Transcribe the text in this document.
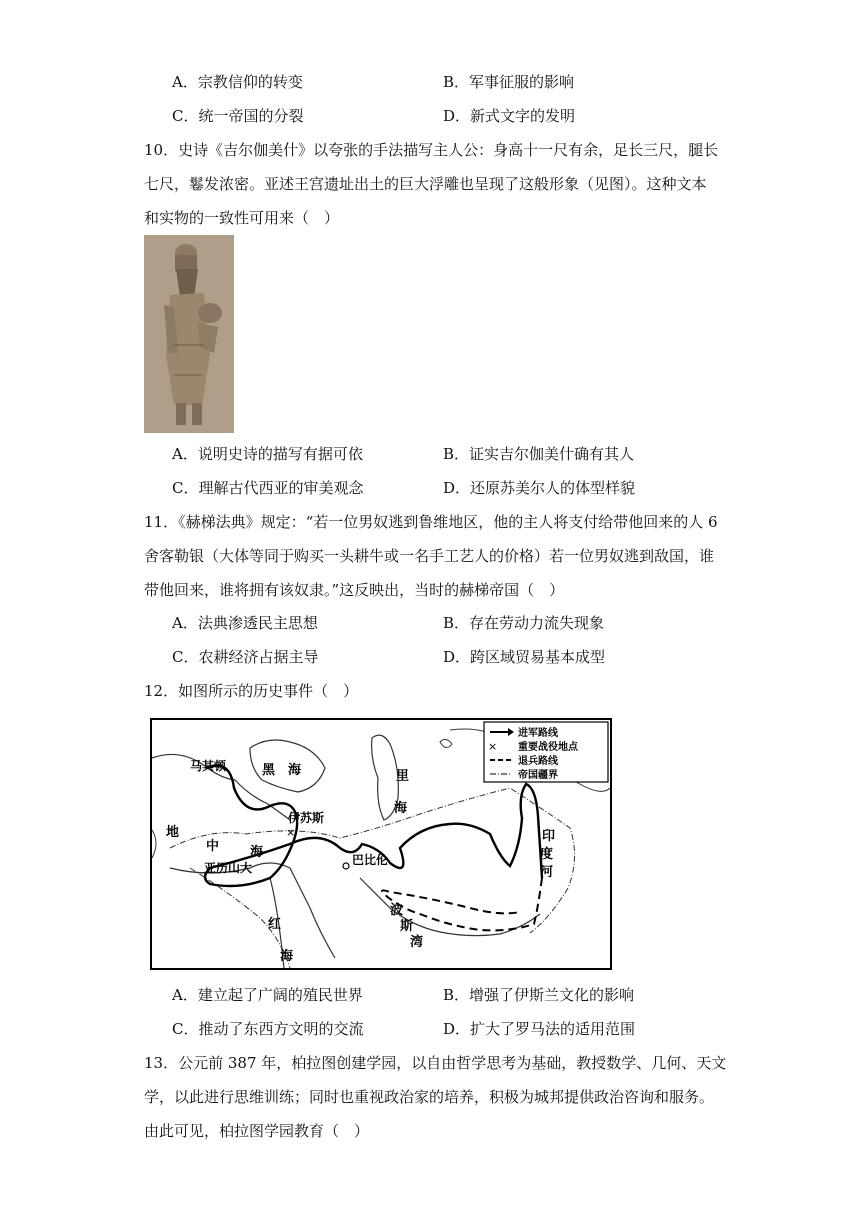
A．宗教信仰的转变	B．军事征服的影响
C．统一帝国的分裂	D．新式文字的发明
10．史诗《吉尔伽美什》以夸张的手法描写主人公：身高十一尺有余，足长三尺，腿长
七尺，鬈发浓密。亚述王宫遗址出土的巨大浮雕也呈现了这般形象（见图）。这种文本
和实物的一致性可用来（　）
A．说明史诗的描写有据可依	B．证实吉尔伽美什确有其人
C．理解古代西亚的审美观念	D．还原苏美尔人的体型样貌
11．《赫梯法典》规定：“若一位男奴逃到鲁维地区，他的主人将支付给带他回来的人 6
舍客勒银（大体等同于购买一头耕牛或一名手工艺人的价格）若一位男奴逃到敌国，谁
带他回来，谁将拥有该奴隶。”这反映出，当时的赫梯帝国（　）
A．法典渗透民主思想	B．存在劳动力流失现象
C．农耕经济占据主导	D．跨区域贸易基本成型
12．如图所示的历史事件（　）
×
×
进军路线
重要战役地点
退兵路线
帝国疆界
马其顿	黑 海	里
海
地
中 海
亚历山大
伊苏斯
巴比伦
印
度
河
波
斯
湾
红
海
A．建立起了广阔的殖民世界	B．增强了伊斯兰文化的影响
C．推动了东西方文明的交流	D．扩大了罗马法的适用范围
13．公元前 387 年，柏拉图创建学园，以自由哲学思考为基础，教授数学、几何、天文
学，以此进行思维训练；同时也重视政治家的培养，积极为城邦提供政治咨询和服务。
由此可见，柏拉图学园教育（　）
